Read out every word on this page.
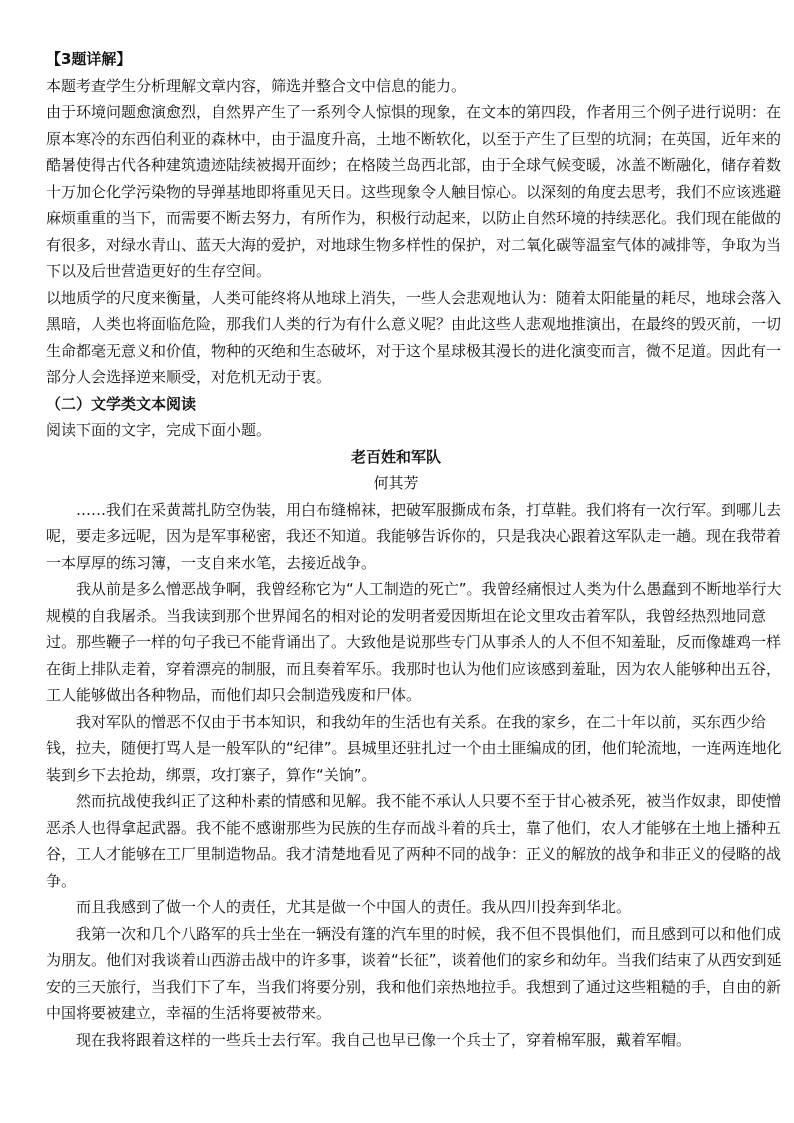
【3题详解】

本题考查学生分析理解文章内容，筛选并整合文中信息的能力。

由于环境问题愈演愈烈，自然界产生了一系列令人惊惧的现象，在文本的第四段，作者用三个例子进行说明：在

原本寒冷的东西伯利亚的森林中，由于温度升高，土地不断软化，以至于产生了巨型的坑洞；在英国，近年来的

酷暑使得古代各种建筑遗迹陆续被揭开面纱；在格陵兰岛西北部，由于全球气候变暖，冰盖不断融化，储存着数

十万加仑化学污染物的导弹基地即将重见天日。这些现象令人触目惊心。以深刻的角度去思考，我们不应该逃避

麻烦重重的当下，而需要不断去努力，有所作为，积极行动起来，以防止自然环境的持续恶化。我们现在能做的

有很多，对绿水青山、蓝天大海的爱护，对地球生物多样性的保护，对二氧化碳等温室气体的减排等，争取为当

下以及后世营造更好的生存空间。

以地质学的尺度来衡量，人类可能终将从地球上消失，一些人会悲观地认为：随着太阳能量的耗尽，地球会落入

黑暗，人类也将面临危险，那我们人类的行为有什么意义呢？由此这些人悲观地推演出，在最终的毁灭前，一切

生命都毫无意义和价值，物种的灭绝和生态破坏，对于这个星球极其漫长的进化演变而言，微不足道。因此有一

部分人会选择逆来顺受，对危机无动于衷。

（二）文学类文本阅读

阅读下面的文字，完成下面小题。

老百姓和军队

何其芳

……我们在采黄蒿扎防空伪装，用白布缝棉袜，把破军服撕成布条，打草鞋。我们将有一次行军。到哪儿去

呢，要走多远呢，因为是军事秘密，我还不知道。我能够告诉你的，只是我决心跟着这军队走一趟。现在我带着

一本厚厚的练习簿，一支自来水笔，去接近战争。

我从前是多么憎恶战争啊，我曾经称它为“人工制造的死亡”。我曾经痛恨过人类为什么愚蠢到不断地举行大

规模的自我屠杀。当我读到那个世界闻名的相对论的发明者爱因斯坦在论文里攻击着军队，我曾经热烈地同意

过。那些鞭子一样的句子我已不能背诵出了。大致他是说那些专门从事杀人的人不但不知羞耻，反而像雄鸡一样

在街上排队走着，穿着漂亮的制服，而且奏着军乐。我那时也认为他们应该感到羞耻，因为农人能够种出五谷，

工人能够做出各种物品，而他们却只会制造残废和尸体。

我对军队的憎恶不仅由于书本知识，和我幼年的生活也有关系。在我的家乡，在二十年以前，买东西少给

钱，拉夫，随便打骂人是一般军队的“纪律”。县城里还驻扎过一个由土匪编成的团，他们轮流地，一连两连地化

装到乡下去抢劫，绑票，攻打寨子，算作“关饷”。

然而抗战使我纠正了这种朴素的情感和见解。我不能不承认人只要不至于甘心被杀死，被当作奴隶，即使憎

恶杀人也得拿起武器。我不能不感谢那些为民族的生存而战斗着的兵士，靠了他们，农人才能够在土地上播种五

谷，工人才能够在工厂里制造物品。我才清楚地看见了两种不同的战争：正义的解放的战争和非正义的侵略的战

争。

而且我感到了做一个人的责任，尤其是做一个中国人的责任。我从四川投奔到华北。

我第一次和几个八路军的兵士坐在一辆没有篷的汽车里的时候，我不但不畏惧他们，而且感到可以和他们成

为朋友。他们对我谈着山西游击战中的许多事，谈着“长征”，谈着他们的家乡和幼年。当我们结束了从西安到延

安的三天旅行，当我们下了车，当我们将要分别，我和他们亲热地拉手。我想到了通过这些粗糙的手，自由的新

中国将要被建立，幸福的生活将要被带来。

现在我将跟着这样的一些兵士去行军。我自己也早已像一个兵士了，穿着棉军服，戴着军帽。
